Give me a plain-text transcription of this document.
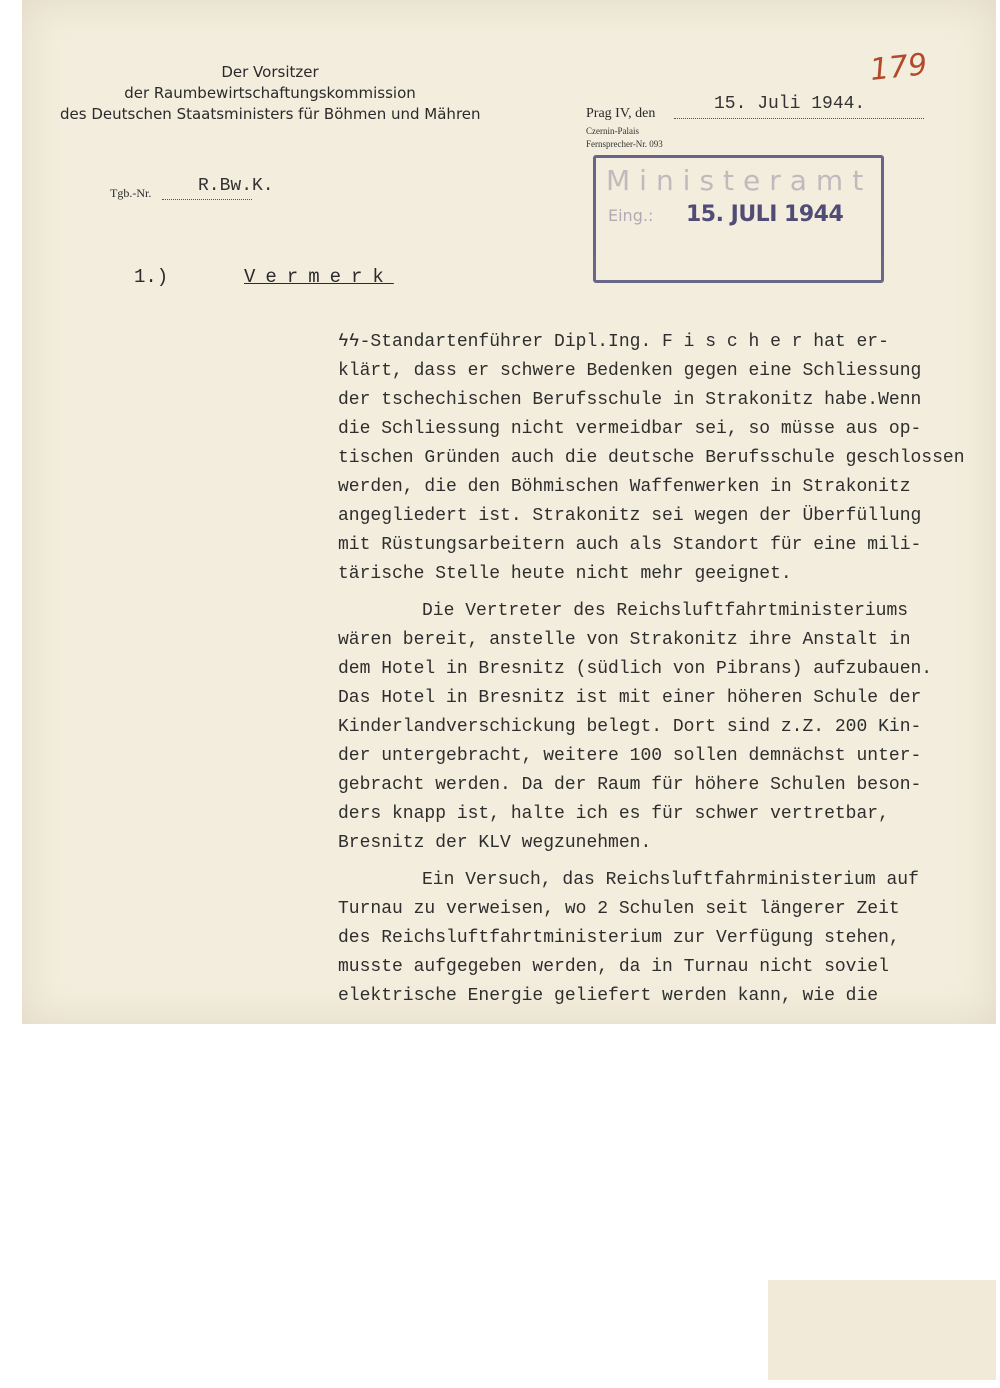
Der Vorsitzer
der Raumbewirtschaftungskommission
des Deutschen Staatsministers für Böhmen und Mähren
Tgb.-Nr.	R.Bw.K.
Prag IV, den	15. Juli 1944.
Czernin-Palais
Fernsprecher-Nr. 093
179
Ministeramt
Eing.: 15. JULI 1944
1.)	Vermerk
ϟϟ-Standartenführer Dipl.Ing. F i s c h e r hat er-
klärt, dass er schwere Bedenken gegen eine Schliessung
der tschechischen Berufsschule in Strakonitz habe.Wenn
die Schliessung nicht vermeidbar sei, so müsse aus op-
tischen Gründen auch die deutsche Berufsschule geschlossen
werden, die den Böhmischen Waffenwerken in Strakonitz
angegliedert ist. Strakonitz sei wegen der Überfüllung
mit Rüstungsarbeitern auch als Standort für eine mili-
tärische Stelle heute nicht mehr geeignet.
Die Vertreter des Reichsluftfahrtministeriums
wären bereit, anstelle von Strakonitz ihre Anstalt in
dem Hotel in Bresnitz (südlich von Pibrans) aufzubauen.
Das Hotel in Bresnitz ist mit einer höheren Schule der
Kinderlandverschickung belegt. Dort sind z.Z. 200 Kin-
der untergebracht, weitere 100 sollen demnächst unter-
gebracht werden. Da der Raum für höhere Schulen beson-
ders knapp ist, halte ich es für schwer vertretbar,
Bresnitz der KLV wegzunehmen.
Ein Versuch, das Reichsluftfahrministerium auf
Turnau zu verweisen, wo 2 Schulen seit längerer Zeit
des Reichsluftfahrtministerium zur Verfügung stehen,
musste aufgegeben werden, da in Turnau nicht soviel
elektrische Energie geliefert werden kann, wie die
